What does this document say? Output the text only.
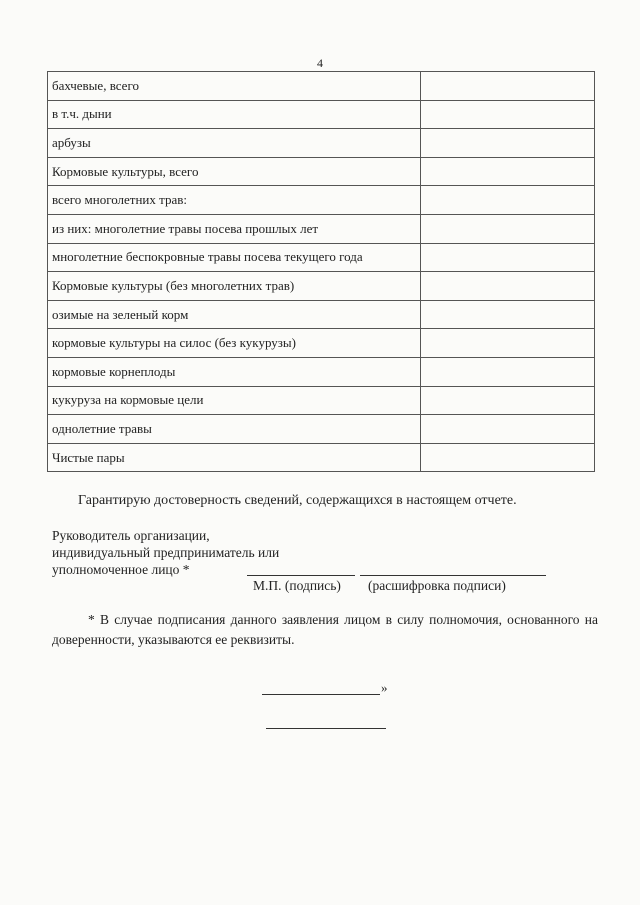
4
бахчевые, всего	
в т.ч. дыни	
арбузы	
Кормовые культуры, всего	
всего многолетних трав:	
из них: многолетние травы посева прошлых лет	
многолетние беспокровные травы посева текущего года	
Кормовые культуры (без многолетних трав)	
озимые на зеленый корм	
кормовые культуры на силос (без кукурузы)	
кормовые корнеплоды	
кукуруза на кормовые цели	
однолетние травы	
Чистые пары	
Гарантирую достоверность сведений, содержащихся в настоящем отчете.
Руководитель организации,
индивидуальный предприниматель или
уполномоченное лицо *
М.П. (подпись) (расшифровка подписи)
* В случае подписания данного заявления лицом в силу полномочия, основанного на доверенности, указываются ее реквизиты.
»
